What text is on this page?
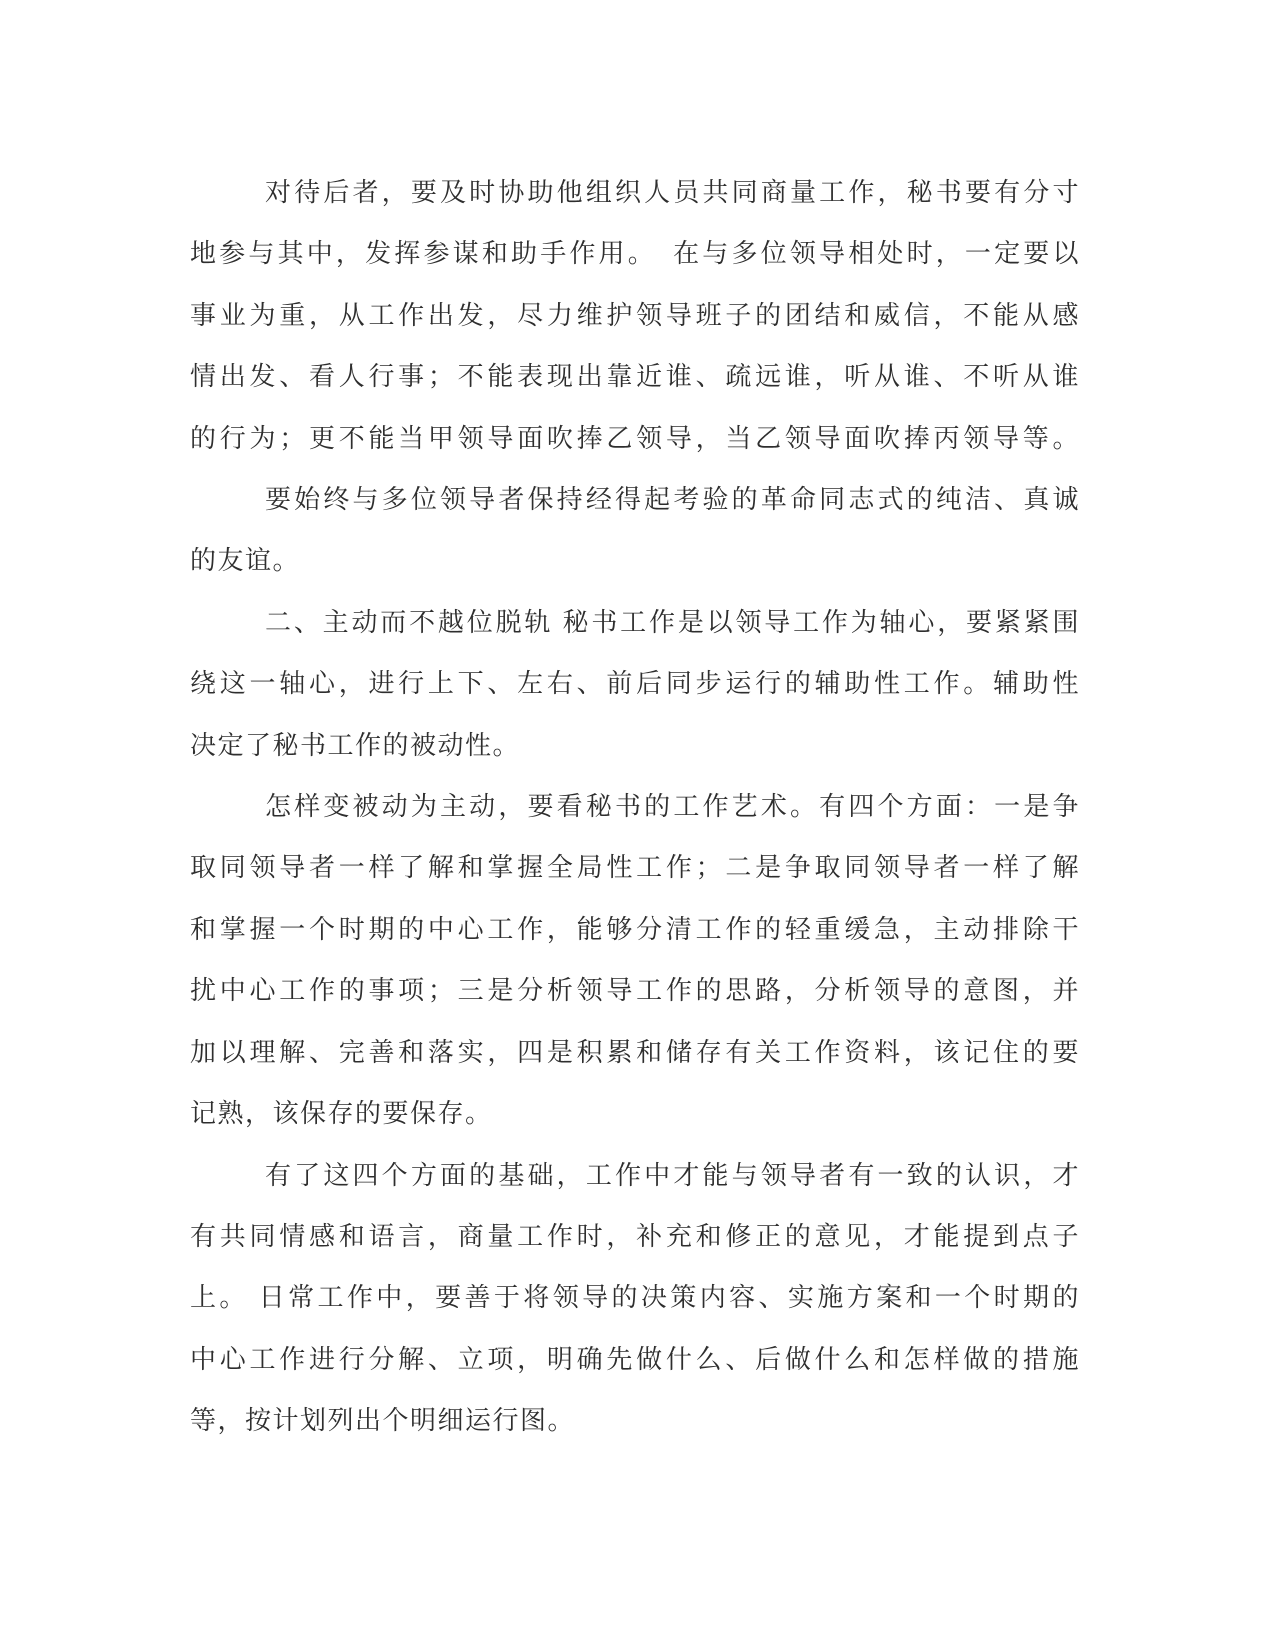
对待后者，要及时协助他组织人员共同商量工作，秘书要有分寸
地参与其中，发挥参谋和助手作用。　在与多位领导相处时，一定要以
事业为重，从工作出发，尽力维护领导班子的团结和威信，不能从感
情出发、看人行事；不能表现出靠近谁、疏远谁，听从谁、不听从谁
的行为；更不能当甲领导面吹捧乙领导，当乙领导面吹捧丙领导等。
要始终与多位领导者保持经得起考验的革命同志式的纯洁、真诚
的友谊。
二、主动而不越位脱轨 秘书工作是以领导工作为轴心，要紧紧围
绕这一轴心，进行上下、左右、前后同步运行的辅助性工作。辅助性
决定了秘书工作的被动性。
怎样变被动为主动，要看秘书的工作艺术。有四个方面：一是争
取同领导者一样了解和掌握全局性工作；二是争取同领导者一样了解
和掌握一个时期的中心工作，能够分清工作的轻重缓急，主动排除干
扰中心工作的事项；三是分析领导工作的思路，分析领导的意图，并
加以理解、完善和落实，四是积累和储存有关工作资料，该记住的要
记熟，该保存的要保存。
有了这四个方面的基础，工作中才能与领导者有一致的认识，才
有共同情感和语言，商量工作时，补充和修正的意见，才能提到点子
上。 日常工作中，要善于将领导的决策内容、实施方案和一个时期的
中心工作进行分解、立项，明确先做什么、后做什么和怎样做的措施
等，按计划列出个明细运行图。
